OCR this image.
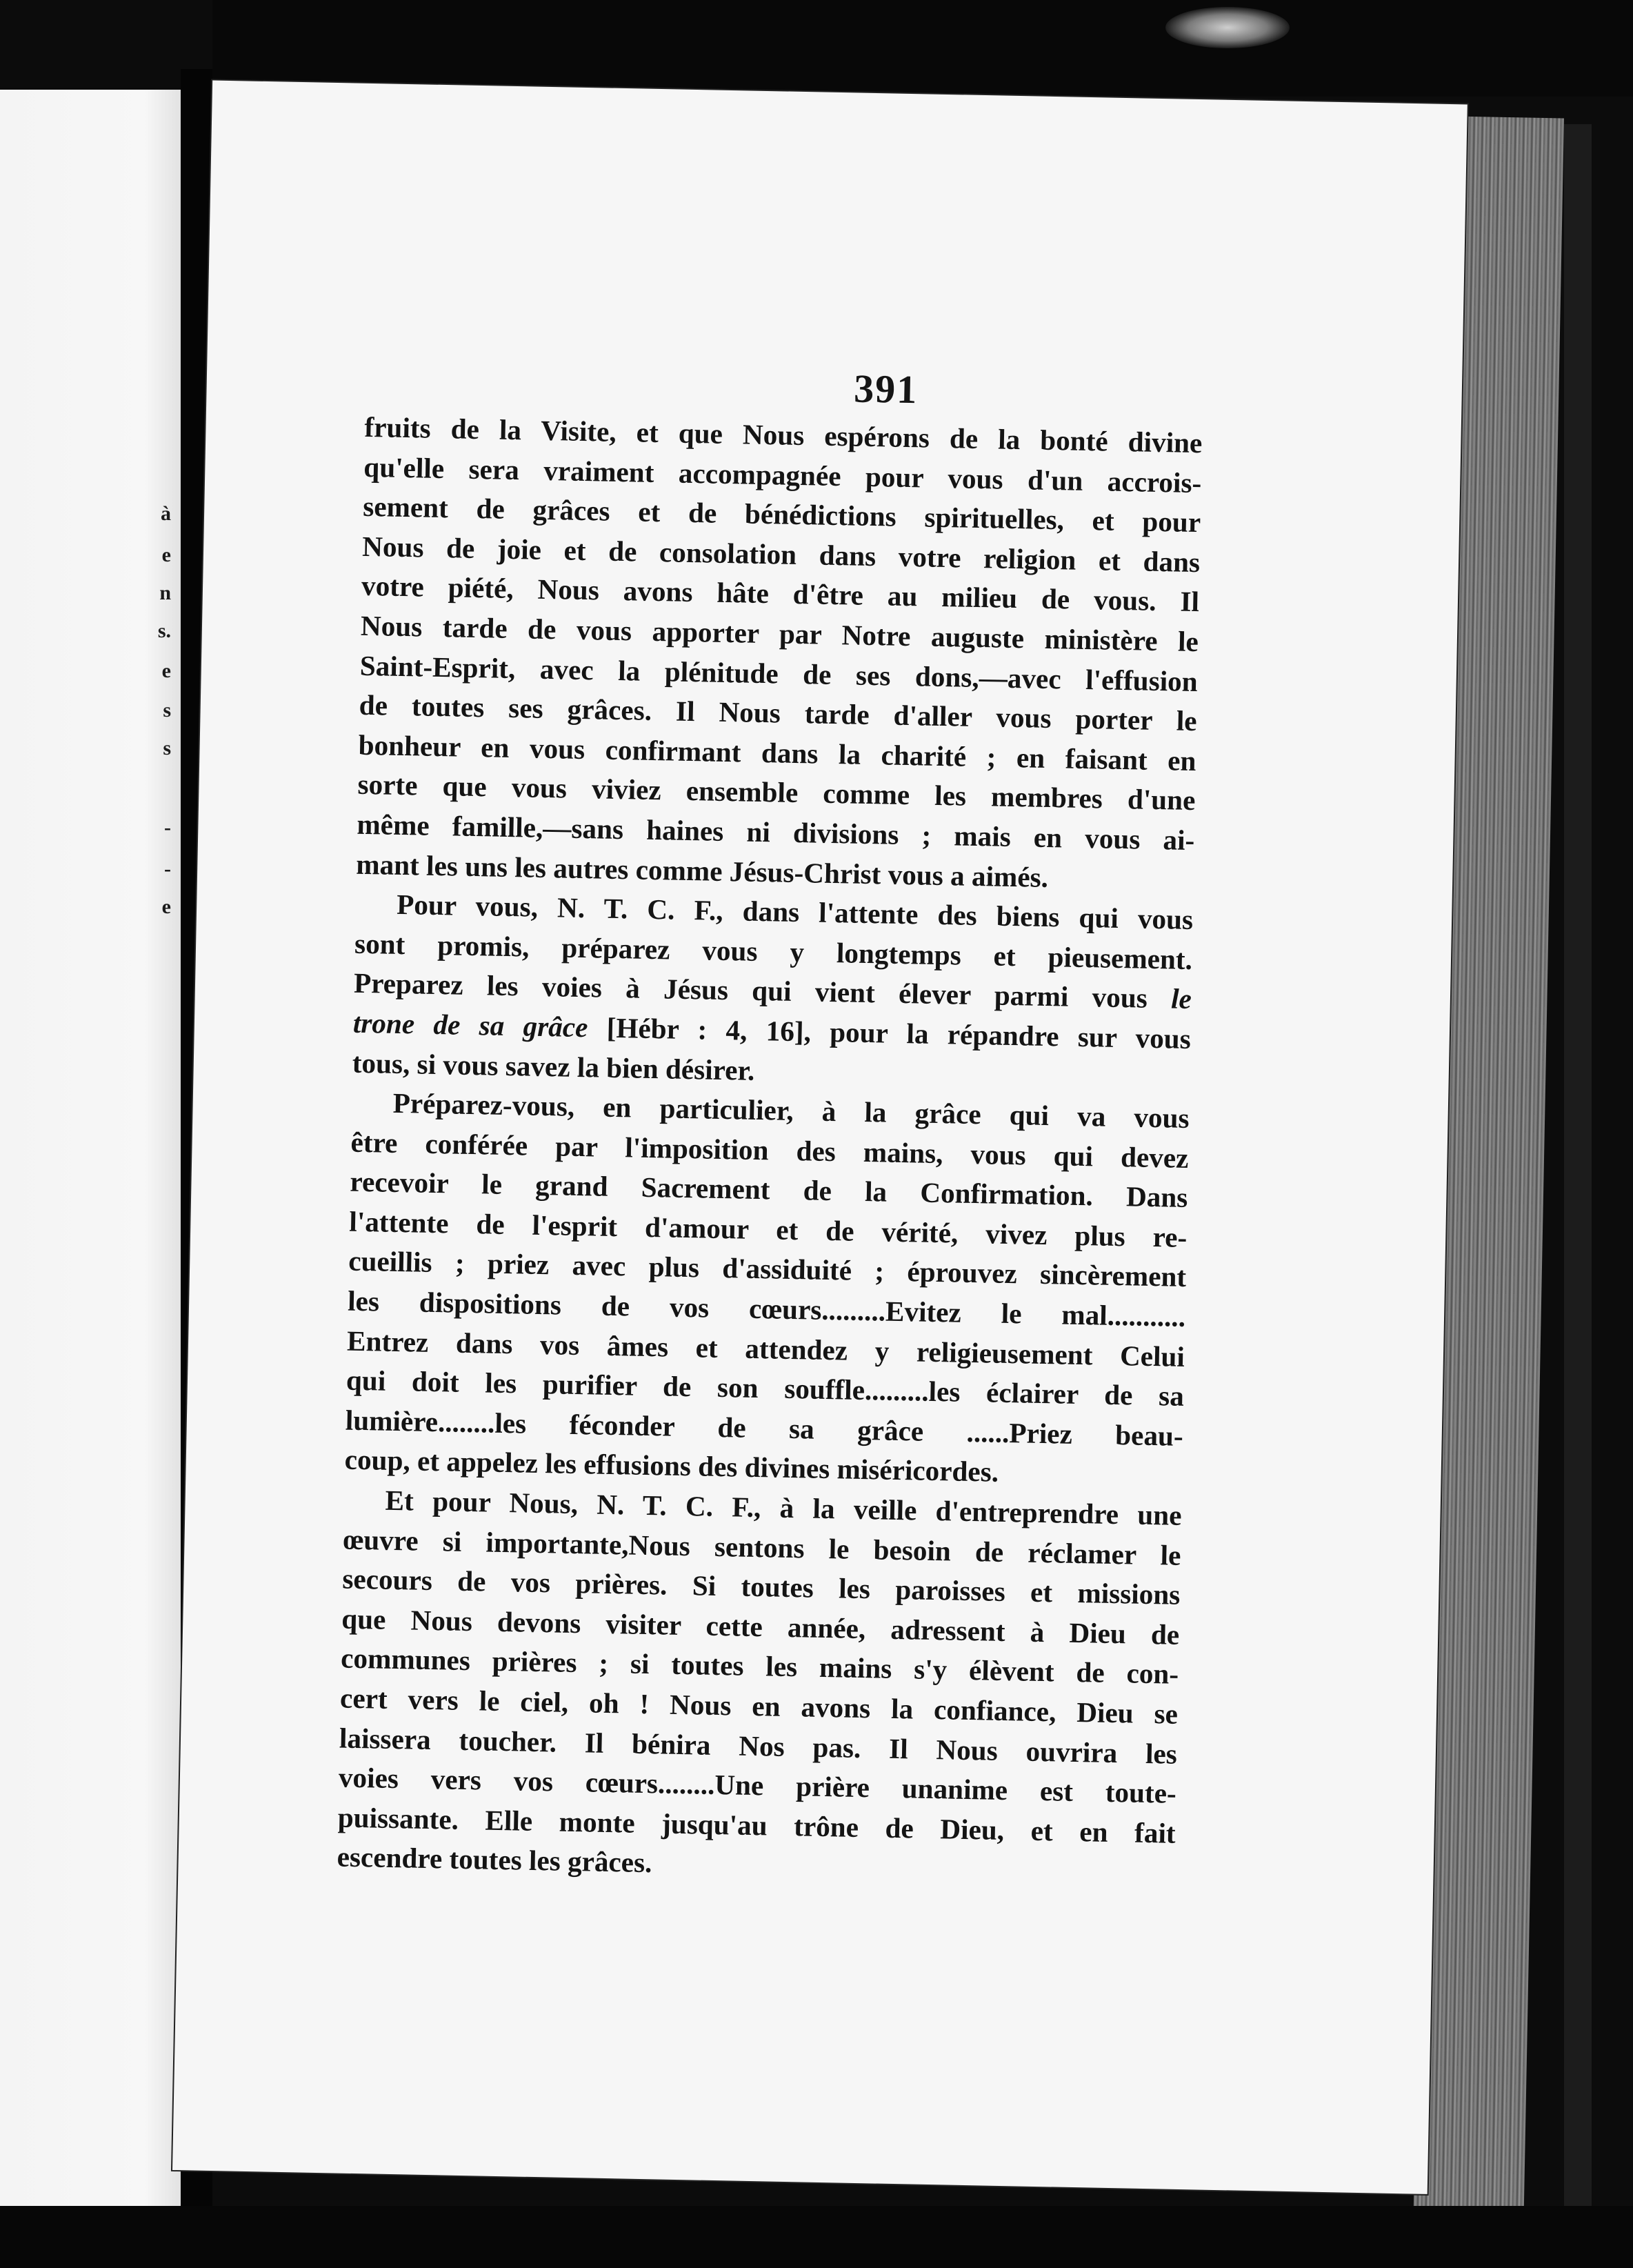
à
e
n
s.
e
s
s
-
-
e
391
fruits de la Visite, et que Nous espérons de la bonté divine
qu'elle sera vraiment accompagnée pour vous d'un accrois-
sement de grâces et de bénédictions spirituelles, et pour
Nous de joie et de consolation dans votre religion et dans
votre piété, Nous avons hâte d'être au milieu de vous. Il
Nous tarde de vous apporter par Notre auguste ministère le
Saint-Esprit, avec la plénitude de ses dons,—avec l'effusion
de toutes ses grâces. Il Nous tarde d'aller vous porter le
bonheur en vous confirmant dans la charité ; en faisant en
sorte que vous viviez ensemble comme les membres d'une
même famille,—sans haines ni divisions ; mais en vous ai-
mant les uns les autres comme Jésus-Christ vous a aimés.
Pour vous, N. T. C. F., dans l'attente des biens qui vous
sont promis, préparez vous y longtemps et pieusement.
Preparez les voies à Jésus qui vient élever parmi vous le
trone de sa grâce [Hébr : 4, 16], pour la répandre sur vous
tous, si vous savez la bien désirer.
Préparez-vous, en particulier, à la grâce qui va vous
être conférée par l'imposition des mains, vous qui devez
recevoir le grand Sacrement de la Confirmation. Dans
l'attente de l'esprit d'amour et de vérité, vivez plus re-
cueillis ; priez avec plus d'assiduité ; éprouvez sincèrement
les dispositions de vos cœurs.........Evitez le mal...........
Entrez dans vos âmes et attendez y religieusement Celui
qui doit les purifier de son souffle.........les éclairer de sa
lumière........les féconder de sa grâce ......Priez beau-
coup, et appelez les effusions des divines miséricordes.
Et pour Nous, N. T. C. F., à la veille d'entreprendre une
œuvre si importante,Nous sentons le besoin de réclamer le
secours de vos prières. Si toutes les paroisses et missions
que Nous devons visiter cette année, adressent à Dieu de
communes prières ; si toutes les mains s'y élèvent de con-
cert vers le ciel, oh ! Nous en avons la confiance, Dieu se
laissera toucher. Il bénira Nos pas. Il Nous ouvrira les
voies vers vos cœurs........Une prière unanime est toute-
puissante. Elle monte jusqu'au trône de Dieu, et en fait
escendre toutes les grâces.
